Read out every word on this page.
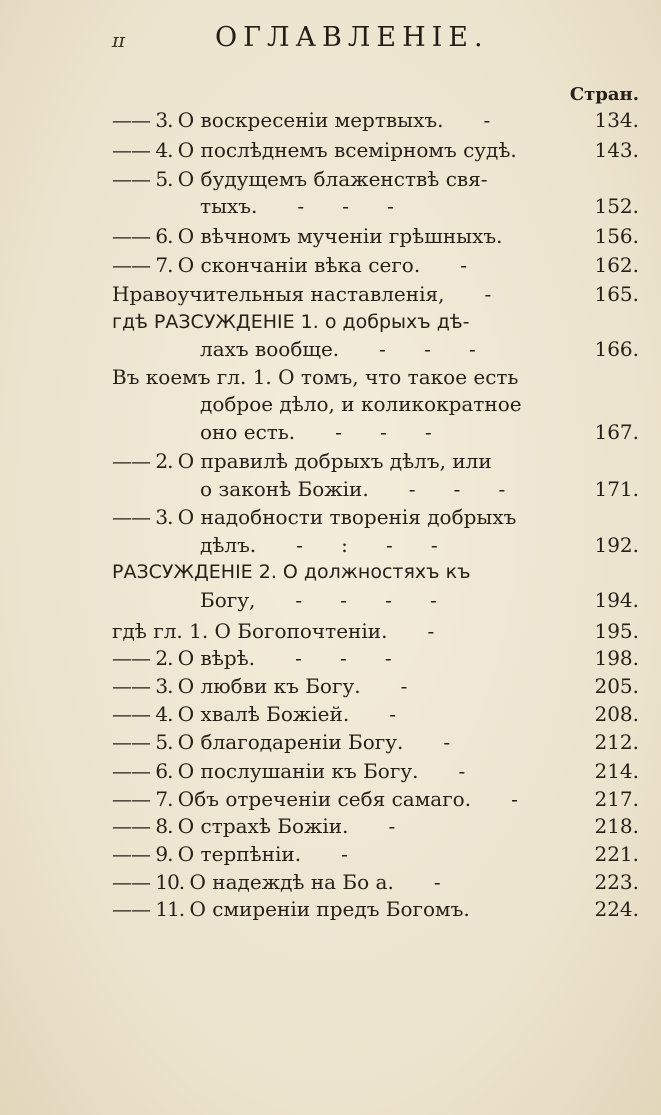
ɪɪ	ОГЛАВЛЕНІЕ.
Стран.
—— 3. О воскресеніи мертвыхъ. -	134.
—— 4. О послѣднемъ всемірномъ судѣ.	143.
—— 5. О будущемъ блаженствѣ свя-
тыхъ. -      -      -	152.
—— 6. О вѣчномъ мученіи грѣшныхъ.	156.
—— 7. О скончаніи вѣка сего. -	162.
Нравоучительныя наставленія, -	165.
гдѣ РАЗСУЖДЕНІЕ 1. о добрыхъ дѣ-
лахъ вообще. -      -      -	166.
Въ коемъ гл. 1. О томъ, что такое есть
доброе дѣло, и коликократное
оно есть. -      -      -	167.
—— 2. О правилѣ добрыхъ дѣлъ, или
о законѣ Божіи. -      -      -	171.
—— 3. О надобности творенія добрыхъ
дѣлъ. -      :      -      -	192.
РАЗСУЖДЕНІЕ 2. О должностяхъ къ
Богу, -      -      -      -	194.
гдѣ гл. 1. О Богопочтеніи. -	195.
—— 2. О вѣрѣ. -      -      -	198.
—— 3. О любви къ Богу. -	205.
—— 4. О хвалѣ Божіей. -	208.
—— 5. О благодареніи Богу. -	212.
—— 6. О послушаніи къ Богу. -	214.
—— 7. Объ отреченіи себя самаго. -	217.
—— 8. О страхѣ Божіи. -	218.
—— 9. О терпѣніи. -	221.
—— 10. О надеждѣ на Бо а. -	223.
—— 11. О смиреніи предъ Богомъ.	224.
